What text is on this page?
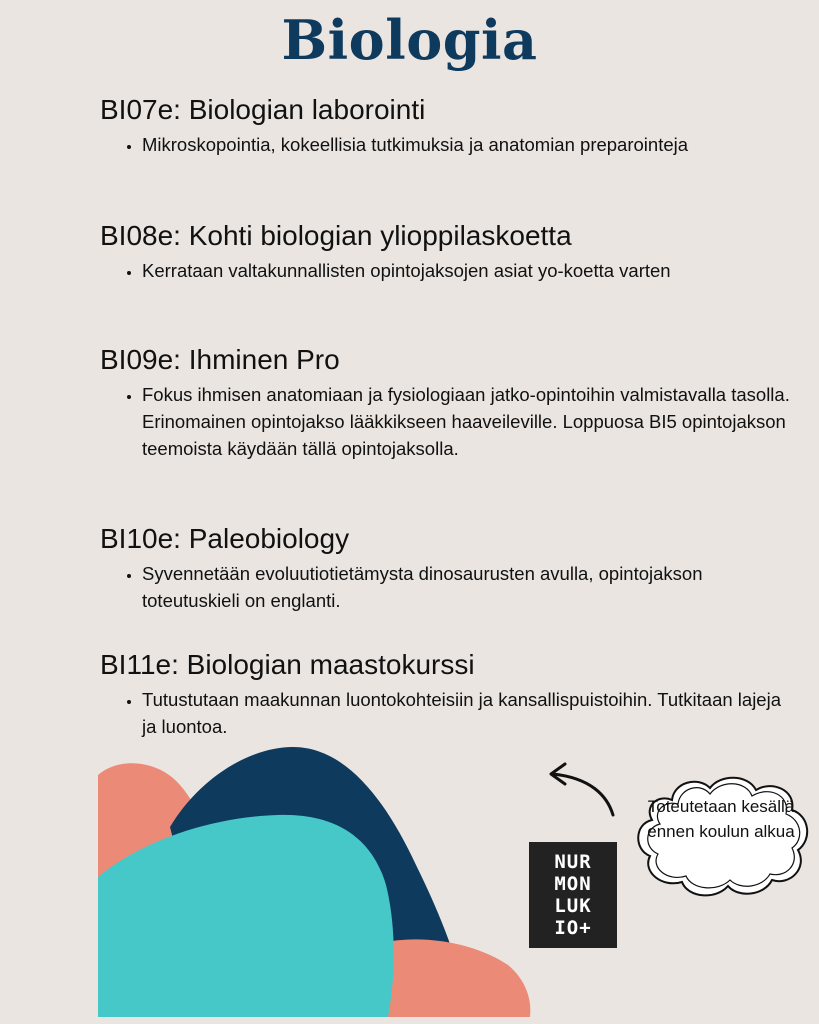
Biologia
BI07e: Biologian laborointi
• Mikroskopointia, kokeellisia tutkimuksia ja anatomian preparointeja
BI08e: Kohti biologian ylioppilaskoetta
• Kerrataan valtakunnallisten opintojaksojen asiat yo-koetta varten
BI09e: Ihminen Pro
• Fokus ihmisen anatomiaan ja fysiologiaan jatko-opintoihin valmistavalla tasolla. Erinomainen opintojakso lääkkikseen haaveileville. Loppuosa BI5 opintojakson teemoista käydään tällä opintojaksolla.
BI10e: Paleobiology
• Syvennetään evoluutiotietämysta dinosaurusten avulla, opintojakson toteutuskieli on englanti.
BI11e: Biologian maastokurssi
• Tutustutaan maakunnan luontokohteisiin ja kansallispuistoihin. Tutkitaan lajeja ja luontoa.
NUR
MON
LUK
IO+
Toteutetaan kesällä ennen koulun alkua
